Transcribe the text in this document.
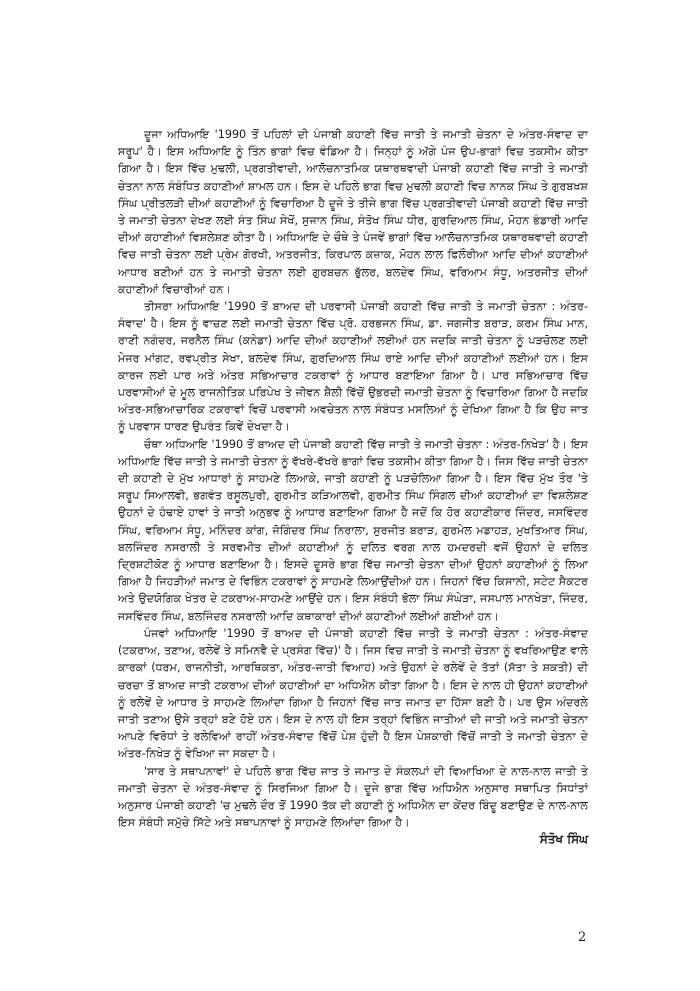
ਦੂਜਾ ਅਧਿਆਇ '1990 ਤੋਂ ਪਹਿਲਾਂ ਦੀ ਪੰਜਾਬੀ ਕਹਾਣੀ ਵਿੱਚ ਜਾਤੀ ਤੇ ਜਮਾਤੀ ਚੇਤਨਾ ਦੇ ਅੰਤਰ-ਸੰਵਾਦ ਦਾ ਸਰੂਪ' ਹੈ। ਇਸ ਅਧਿਆਇ ਨੂੰ ਤਿੰਨ ਭਾਗਾਂ ਵਿਚ ਵੰਡਿਆ ਹੈ। ਜਿਨ੍ਹਾਂ ਨੂੰ ਅੱਗੇ ਪੰਜ ਉਪ-ਭਾਗਾਂ ਵਿਚ ਤਕਸੀਮ ਕੀਤਾ ਗਿਆ ਹੈ। ਇਸ ਵਿੱਚ ਮੁਢਲੀ, ਪ੍ਰਗਤੀਵਾਦੀ, ਆਲੋਚਨਾਤਮਿਕ ਯਥਾਰਥਵਾਦੀ ਪੰਜਾਬੀ ਕਹਾਣੀ ਵਿੱਚ ਜਾਤੀ ਤੇ ਜਮਾਤੀ ਚੇਤਨਾ ਨਾਲ ਸੰਬੰਧਿਤ ਕਹਾਣੀਆਂ ਸ਼ਾਮਲ ਹਨ। ਇਸ ਦੇ ਪਹਿਲੇ ਭਾਗ ਵਿਚ ਮੁਢਲੀ ਕਹਾਣੀ ਵਿਚ ਨਾਨਕ ਸਿੰਘ ਤੇ ਗੁਰਬਖਸ਼ ਸਿੰਘ ਪ੍ਰੀਤਲੜੀ ਦੀਆਂ ਕਹਾਣੀਆਂ ਨੂੰ ਵਿਚਾਰਿਆ ਹੈ ਦੂਜੇ ਤੇ ਤੀਜੇ ਭਾਗ ਵਿੱਚ ਪ੍ਰਗਤੀਵਾਦੀ ਪੰਜਾਬੀ ਕਹਾਣੀ ਵਿੱਚ ਜਾਤੀ ਤੇ ਜਮਾਤੀ ਚੇਤਨਾ ਦੇਖਣ ਲਈ ਸੰਤ ਸਿੰਘ ਸੇਖੋਂ, ਸੁਜਾਨ ਸਿੰਘ, ਸੰਤੋਖ ਸਿੰਘ ਧੀਰ, ਗੁਰਦਿਆਲ ਸਿੰਘ, ਮੋਹਨ ਭੰਡਾਰੀ ਆਦਿ ਦੀਆਂ ਕਹਾਣੀਆਂ ਵਿਸ਼ਲੇਸ਼ਣ ਕੀਤਾ ਹੈ। ਅਧਿਆਇ ਦੇ ਚੌਥੇ ਤੇ ਪੰਜਵੇਂ ਭਾਗਾਂ ਵਿੱਚ ਆਲੋਚਨਾਤਮਿਕ ਯਥਾਰਥਵਾਦੀ ਕਹਾਣੀ ਵਿਚ ਜਾਤੀ ਚੇਤਨਾ ਲਈ ਪ੍ਰੇਮ ਗੋਰਖੀ, ਅਤਰਜੀਤ, ਕਿਰਪਾਲ ਕਜ਼ਾਕ, ਮੋਹਨ ਲਾਲ ਫਿਲੌਰੀਆ ਆਦਿ ਦੀਆਂ ਕਹਾਣੀਆਂ ਆਧਾਰ ਬਣੀਆਂ ਹਨ ਤੇ ਜਮਾਤੀ ਚੇਤਨਾ ਲਈ ਗੁਰਬਚਨ ਭੁੱਲਰ, ਬਲਦੇਵ ਸਿੰਘ, ਵਰਿਆਮ ਸੰਧੂ, ਅਤਰਜੀਤ ਦੀਆਂ ਕਹਾਣੀਆਂ ਵਿਚਾਰੀਆਂ ਹਨ।

ਤੀਸਰਾ ਅਧਿਆਇ '1990 ਤੋਂ ਬਾਅਦ ਦੀ ਪਰਵਾਸੀ ਪੰਜਾਬੀ ਕਹਾਣੀ ਵਿੱਚ ਜਾਤੀ ਤੇ ਜਮਾਤੀ ਚੇਤਨਾ : ਅੰਤਰ-ਸੰਵਾਦ' ਹੈ। ਇਸ ਨੂੰ ਵਾਚਣ ਲਈ ਜਮਾਤੀ ਚੇਤਨਾ ਵਿੱਚ ਪ੍ਰੋ. ਹਰਭਜਨ ਸਿੰਘ, ਡਾ. ਜਗਜੀਤ ਬਰਾੜ, ਕਰਮ ਸਿੰਘ ਮਾਨ, ਰਾਣੀ ਨਗੰਦਰ, ਜਰਨੈਲ ਸਿੰਘ (ਕਨੇਡਾ) ਆਦਿ ਦੀਆਂ ਕਹਾਣੀਆਂ ਲਈਆਂ ਹਨ ਜਦਕਿ ਜਾਤੀ ਚੇਤਨਾ ਨੂੰ ਪੜਚੋਲਣ ਲਈ ਮੇਜਰ ਮਾਂਗਟ, ਰਵਪ੍ਰੀਤ ਸੇਖਾ, ਬਲਦੇਵ ਸਿੰਘ, ਗੁਰਦਿਆਲ ਸਿੰਘ ਰਾਏ ਆਦਿ ਦੀਆਂ ਕਹਾਣੀਆਂ ਲਈਆਂ ਹਨ। ਇਸ ਕਾਰਜ ਲਈ ਪਾਰ ਅਤੇ ਅੰਤਰ ਸਭਿਆਚਾਰ ਟਕਰਾਵਾਂ ਨੂੰ ਆਧਾਰ ਬਣਾਇਆ ਗਿਆ ਹੈ। ਪਾਰ ਸਭਿਆਚਾਰ ਵਿੱਚ ਪਰਵਾਸੀਆਂ ਦੇ ਮੂਲ ਰਾਜਨੀਤਿਕ ਪਰਿਪੇਖ ਤੇ ਜੀਵਨ ਸ਼ੈਲੀ ਵਿੱਚੋਂ ਉਭਰਦੀ ਜਮਾਤੀ ਚੇਤਨਾ ਨੂੰ ਵਿਚਾਰਿਆ ਗਿਆ ਹੈ ਜਦਕਿ ਅੰਤਰ-ਸਭਿਆਚਾਰਿਕ ਟਕਰਾਵਾਂ ਵਿਚੋਂ ਪਰਵਾਸੀ ਅਵਚੇਤਨ ਨਾਲ ਸੰਬੰਧਤ ਮਸਲਿਆਂ ਨੂੰ ਦੇਖਿਆ ਗਿਆ ਹੈ ਕਿ ਉਹ ਜਾਤ ਨੂੰ ਪਰਵਾਸ ਧਾਰਣ ਉਪਰੰਤ ਕਿਵੇਂ ਦੇਖਦਾ ਹੈ।

ਚੌਥਾ ਅਧਿਆਇ '1990 ਤੋਂ ਬਾਅਦ ਦੀ ਪੰਜਾਬੀ ਕਹਾਣੀ ਵਿੱਚ ਜਾਤੀ ਤੇ ਜਮਾਤੀ ਚੇਤਨਾ : ਅੰਤਰ-ਨਿਖੇੜ' ਹੈ। ਇਸ ਅਧਿਆਇ ਵਿੱਚ ਜਾਤੀ ਤੇ ਜਮਾਤੀ ਚੇਤਨਾ ਨੂੰ ਵੱਖਰੇ-ਵੱਖਰੇ ਭਾਗਾਂ ਵਿਚ ਤਕਸੀਮ ਕੀਤਾ ਗਿਆ ਹੈ। ਜਿਸ ਵਿੱਚ ਜਾਤੀ ਚੇਤਨਾ ਦੀ ਕਹਾਣੀ ਦੇ ਮੁੱਖ ਆਧਾਰਾਂ ਨੂੰ ਸਾਹਮਣੇ ਲਿਆਕੇ, ਜਾਤੀ ਕਹਾਣੀ ਨੂੰ ਪੜਚੋਲਿਆ ਗਿਆ ਹੈ। ਇਸ ਵਿੱਚ ਮੁੱਖ ਤੌਰ 'ਤੇ ਸਰੂਪ ਸਿਆਲਵੀ, ਭਗਵੰਤ ਰਸੂਲਪੁਰੀ, ਗੁਰਮੀਤ ਕੜਿਆਲਵੀ, ਗੁਰਮੀਤ ਸਿੰਘ ਸਿੰਗਲ ਦੀਆਂ ਕਹਾਣੀਆਂ ਦਾ ਵਿਸ਼ਲੇਸ਼ਣ ਉਹਨਾਂ ਦੇ ਹੰਢਾਏ ਹਾਵਾਂ ਤੇ ਜਾਤੀ ਅਨੁਭਵ ਨੂੰ ਆਧਾਰ ਬਣਾਇਆ ਗਿਆ ਹੈ ਜਦੋਂ ਕਿ ਹੋਰ ਕਹਾਣੀਕਾਰ ਜਿੰਦਰ, ਜਸਵਿੰਦਰ ਸਿੰਘ, ਵਰਿਆਮ ਸੰਧੂ, ਮਨਿੰਦਰ ਕਾਂਗ, ਜੋਗਿੰਦਰ ਸਿੰਘ ਨਿਰਾਲਾ, ਸੁਰਜੀਤ ਬਰਾੜ, ਗੁਰਮੇਲ ਮਡਾਹੜ, ਮੁਖਤਿਆਰ ਸਿੰਘ, ਬਲਜਿੰਦਰ ਨਸਰਾਲੀ ਤੇ ਸਰਵਮੀਤ ਦੀਆਂ ਕਹਾਣੀਆਂ ਨੂੰ ਦਲਿਤ ਵਰਗ ਨਾਲ ਹਮਦਰਦੀ ਵਜੋਂ ਉਹਨਾਂ ਦੇ ਦਲਿਤ ਦ੍ਰਿਸ਼ਟੀਕੋਣ ਨੂੰ ਆਧਾਰ ਬਣਾਇਆ ਹੈ। ਇਸਦੇ ਦੂਸਰੇ ਭਾਗ ਵਿੱਚ ਜਮਾਤੀ ਚੇਤਨਾ ਦੀਆਂ ਉਹਨਾਂ ਕਹਾਣੀਆਂ ਨੂੰ ਲਿਆ ਗਿਆ ਹੈ ਜਿਹੜੀਆਂ ਜਮਾਤ ਦੇ ਵਿਭਿੰਨ ਟਕਰਾਵਾਂ ਨੂੰ ਸਾਹਮਣੇ ਲਿਆਉਂਦੀਆਂ ਹਨ। ਜਿਹਨਾਂ ਵਿੱਚ ਕਿਸਾਨੀ, ਸਟੇਟ ਸੈਕਟਰ ਅਤੇ ਉਦਯੋਗਿਕ ਖੇਤਰ ਦੇ ਟਕਰਾਅ-ਸਾਹਮਣੇ ਆਉਂਦੇ ਹਨ। ਇਸ ਸੰਬੰਧੀ ਭੋਲਾ ਸਿੰਘ ਸੰਘੇੜਾ, ਜਸਪਾਲ ਮਾਨਖੇੜਾ, ਜਿੰਦਰ, ਜਸਵਿੰਦਰ ਸਿੰਘ, ਬਲਜਿੰਦਰ ਨਸਰਾਲੀ ਆਦਿ ਕਥਾਕਾਰਾਂ ਦੀਆਂ ਕਹਾਣੀਆਂ ਲਈਆਂ ਗਈਆਂ ਹਨ।

ਪੰਜਵਾਂ ਅਧਿਆਇ '1990 ਤੋਂ ਬਾਅਦ ਦੀ ਪੰਜਾਬੀ ਕਹਾਣੀ ਵਿੱਚ ਜਾਤੀ ਤੇ ਜਮਾਤੀ ਚੇਤਨਾ : ਅੰਤਰ-ਸੰਵਾਦ (ਟਕਰਾਅ, ਤਣਾਅ, ਰਲੇਵੇਂ ਤੇ ਸਮਿਨਵੈ ਦੇ ਪ੍ਰਸੰਗ ਵਿੱਚ)' ਹੈ। ਜਿਸ ਵਿਚ ਜਾਤੀ ਤੇ ਜਮਾਤੀ ਚੇਤਨਾ ਨੂੰ ਵਖਰਿਆਉਣ ਵਾਲੇ ਕਾਰਕਾਂ (ਧਰਮ, ਰਾਜਨੀਤੀ, ਆਰਥਿਕਤਾ, ਅੰਤਰ-ਜਾਤੀ ਵਿਆਹ) ਅਤੇ ਉਹਨਾਂ ਦੇ ਰਲੇਵੇਂ ਦੇ ਤੱਤਾਂ (ਸੱਤਾ ਤੇ ਸ਼ਕਤੀ) ਦੀ ਚਰਚਾ ਤੋਂ ਬਾਅਦ ਜਾਤੀ ਟਕਰਾਅ ਦੀਆਂ ਕਹਾਣੀਆਂ ਦਾ ਅਧਿਐਨ ਕੀਤਾ ਗਿਆ ਹੈ। ਇਸ ਦੇ ਨਾਲ ਹੀ ਉਹਨਾਂ ਕਹਾਣੀਆਂ ਨੂੰ ਰਲੇਵੇਂ ਦੇ ਆਧਾਰ ਤੇ ਸਾਹਮਣੇ ਲਿਆਂਦਾ ਗਿਆ ਹੈ ਜਿਹਨਾਂ ਵਿੱਚ ਜਾਤ ਜਮਾਤ ਦਾ ਹਿੱਸਾ ਬਣੀ ਹੈ। ਪਰ ਉਸ ਅੰਦਰਲੇ ਜਾਤੀ ਤਣਾਅ ਉਸੇ ਤਰ੍ਹਾਂ ਬਣੇ ਹੋਏ ਹਨ। ਇਸ ਦੇ ਨਾਲ ਹੀ ਇਸ ਤਰ੍ਹਾਂ ਵਿਭਿੰਨ ਜਾਤੀਆਂ ਦੀ ਜਾਤੀ ਅਤੇ ਜਮਾਤੀ ਚੇਤਨਾ ਆਪਣੇ ਵਿਰੋਧਾਂ ਤੇ ਰਲੇਵਿਆਂ ਰਾਹੀਂ ਅੰਤਰ-ਸੰਵਾਦ ਵਿੱਚੋਂ ਪੇਸ਼ ਹੁੰਦੀ ਹੈ ਇਸ ਪੇਸ਼ਕਾਰੀ ਵਿੱਚੋਂ ਜਾਤੀ ਤੇ ਜਮਾਤੀ ਚੇਤਨਾ ਦੇ ਅੰਤਰ-ਨਿਖੇੜ ਨੂੰ ਵੇਖਿਆ ਜਾ ਸਕਦਾ ਹੈ।

'ਸਾਰ ਤੇ ਸਥਾਪਨਾਵਾਂ' ਦੇ ਪਹਿਲੇ ਭਾਗ ਵਿੱਚ ਜਾਤ ਤੇ ਜਮਾਤ ਦੇ ਸੰਕਲਪਾਂ ਦੀ ਵਿਆਖਿਆ ਦੇ ਨਾਲ-ਨਾਲ ਜਾਤੀ ਤੇ ਜਮਾਤੀ ਚੇਤਨਾ ਦੇ ਅੰਤਰ-ਸੰਵਾਦ ਨੂੰ ਸਿਰਜਿਆ ਗਿਆ ਹੈ। ਦੂਜੇ ਭਾਗ ਵਿੱਚ ਅਧਿਐਨ ਅਨੁਸਾਰ ਸਥਾਪਿਤ ਸਿਧਾਂਤਾਂ ਅਨੁਸਾਰ ਪੰਜਾਬੀ ਕਹਾਣੀ 'ਚ ਮੁਢਲੇ ਦੌਰ ਤੋਂ 1990 ਤੱਕ ਦੀ ਕਹਾਣੀ ਨੂੰ ਅਧਿਐਨ ਦਾ ਕੇਂਦਰ ਬਿੰਦੂ ਬਣਾਉਣ ਦੇ ਨਾਲ-ਨਾਲ ਇਸ ਸੰਬੰਧੀ ਸਮੁੱਚੇ ਸਿੱਟੇ ਅਤੇ ਸਥਾਪਨਾਵਾਂ ਨੂੰ ਸਾਹਮਣੇ ਲਿਆਂਦਾ ਗਿਆ ਹੈ।

ਸੰਤੋਖ ਸਿੰਘ
2
